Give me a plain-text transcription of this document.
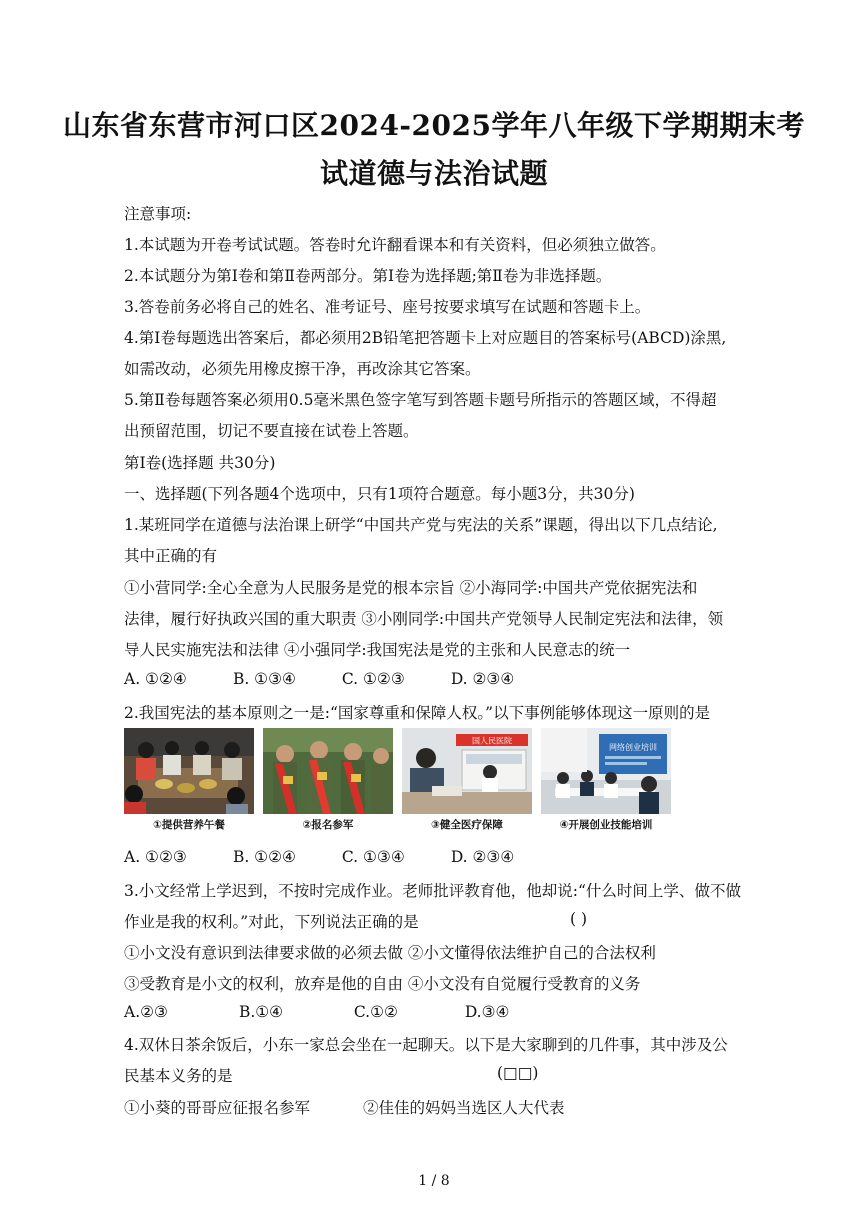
山东省东营市河口区2024-2025学年八年级下学期期末考
试道德与法治试题
注意事项:
1.本试题为开卷考试试题。答卷时允许翻看课本和有关资料，但必须独立做答。
2.本试题分为第Ⅰ卷和第Ⅱ卷两部分。第Ⅰ卷为选择题;第Ⅱ卷为非选择题。
3.答卷前务必将自己的姓名、准考证号、座号按要求填写在试题和答题卡上。
4.第Ⅰ卷每题选出答案后，都必须用2B铅笔把答题卡上对应题目的答案标号(ABCD)涂黑,
如需改动，必须先用橡皮擦干净，再改涂其它答案。
5.第Ⅱ卷每题答案必须用0.5毫米黑色签字笔写到答题卡题号所指示的答题区域，不得超
出预留范围，切记不要直接在试卷上答题。
第Ⅰ卷(选择题 共30分)
一、选择题(下列各题4个选项中，只有1项符合题意。每小题3分，共30分)
1.某班同学在道德与法治课上研学“中国共产党与宪法的关系”课题，得出以下几点结论,
其中正确的有
①小营同学:全心全意为人民服务是党的根本宗旨 ②小海同学:中国共产党依据宪法和
法律，履行好执政兴国的重大职责 ③小刚同学:中国共产党领导人民制定宪法和法律，领
导人民实施宪法和法律 ④小强同学:我国宪法是党的主张和人民意志的统一
A. ①②④	B. ①③④	C. ①②③	D. ②③④
2.我国宪法的基本原则之一是:“国家尊重和保障人权。”以下事例能够体现这一原则的是
①提供营养午餐	②报名参军
国人民医院
③健全医疗保障
网络创业培训
④开展创业技能培训
A. ①②③	B. ①②④	C. ①③④	D. ②③④
3.小文经常上学迟到，不按时完成作业。老师批评教育他，他却说:“什么时间上学、做不做
作业是我的权利。”对此，下列说法正确的是	( )
①小文没有意识到法律要求做的必须去做 ②小文懂得依法维护自己的合法权利
③受教育是小文的权利，放弃是他的自由 ④小文没有自觉履行受教育的义务
A.②③	B.①④	C.①②	D.③④
4.双休日茶余饭后，小东一家总会坐在一起聊天。以下是大家聊到的几件事，其中涉及公
民基本义务的是	(□□)
①小葵的哥哥应征报名参军	②佳佳的妈妈当选区人大代表
1 / 8
